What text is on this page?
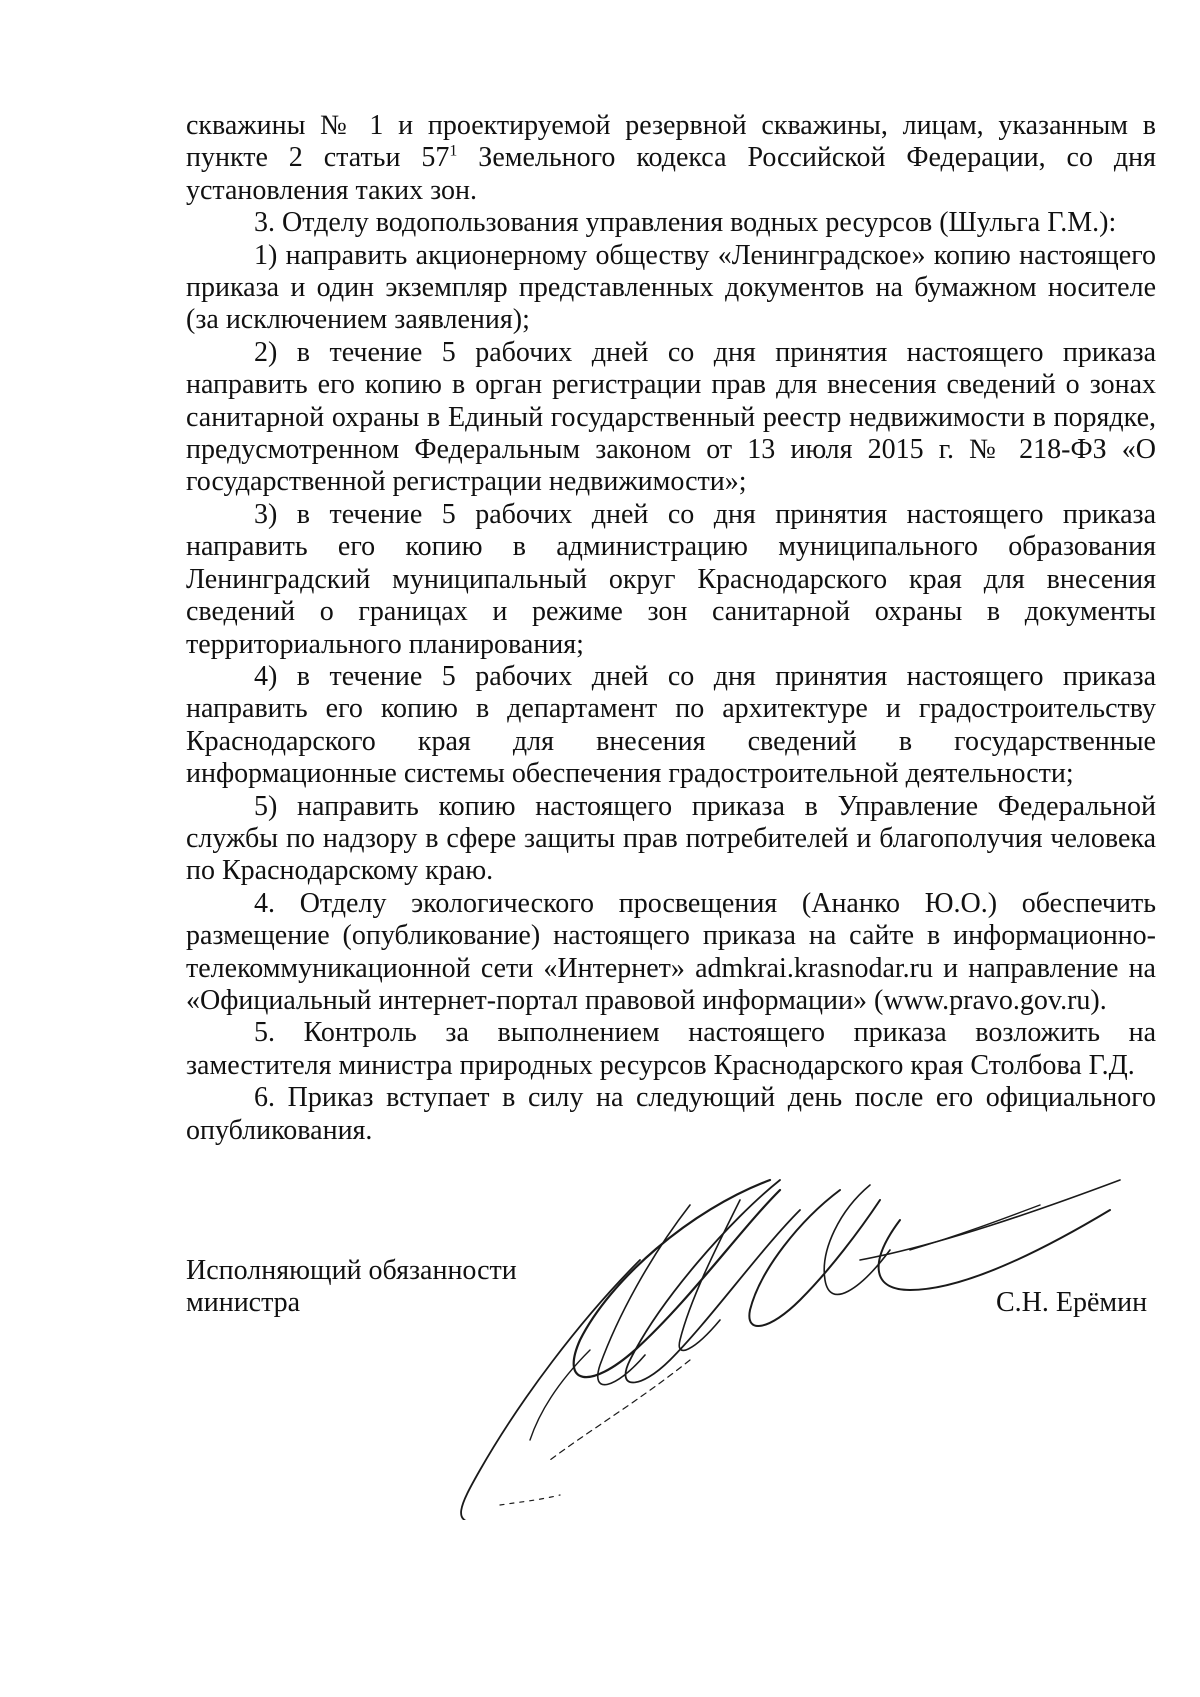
скважины № 1 и проектируемой резервной скважины, лицам, указанным в пункте 2 статьи $57^1$ Земельного кодекса Российской Федерации, со дня установления таких зон.

3. Отделу водопользования управления водных ресурсов (Шульга Г.М.):

1) направить акционерному обществу «Ленинградское» копию настоящего приказа и один экземпляр представленных документов на бумажном носителе (за исключением заявления);

2) в течение 5 рабочих дней со дня принятия настоящего приказа направить его копию в орган регистрации прав для внесения сведений о зонах санитарной охраны в Единый государственный реестр недвижимости в порядке, предусмотренном Федеральным законом от 13 июля 2015 г. № 218-ФЗ «О государственной регистрации недвижимости»;

3) в течение 5 рабочих дней со дня принятия настоящего приказа направить его копию в администрацию муниципального образования Ленинградский муниципальный округ Краснодарского края для внесения сведений о границах и режиме зон санитарной охраны в документы территориального планирования;

4) в течение 5 рабочих дней со дня принятия настоящего приказа направить его копию в департамент по архитектуре и градостроительству Краснодарского края для внесения сведений в государственные информационные системы обеспечения градостроительной деятельности;

5) направить копию настоящего приказа в Управление Федеральной службы по надзору в сфере защиты прав потребителей и благополучия человека по Краснодарскому краю.

4. Отделу экологического просвещения (Ананко Ю.О.) обеспечить размещение (опубликование) настоящего приказа на сайте в информационно-телекоммуникационной сети «Интернет» admkrai.krasnodar.ru и направление на «Официальный интернет-портал правовой информации» (www.pravo.gov.ru).

5. Контроль за выполнением настоящего приказа возложить на заместителя министра природных ресурсов Краснодарского края Столбова Г.Д.

6. Приказ вступает в силу на следующий день после его официального опубликования.

Исполняющий обязанности
министра	С.Н. Ерёмин
